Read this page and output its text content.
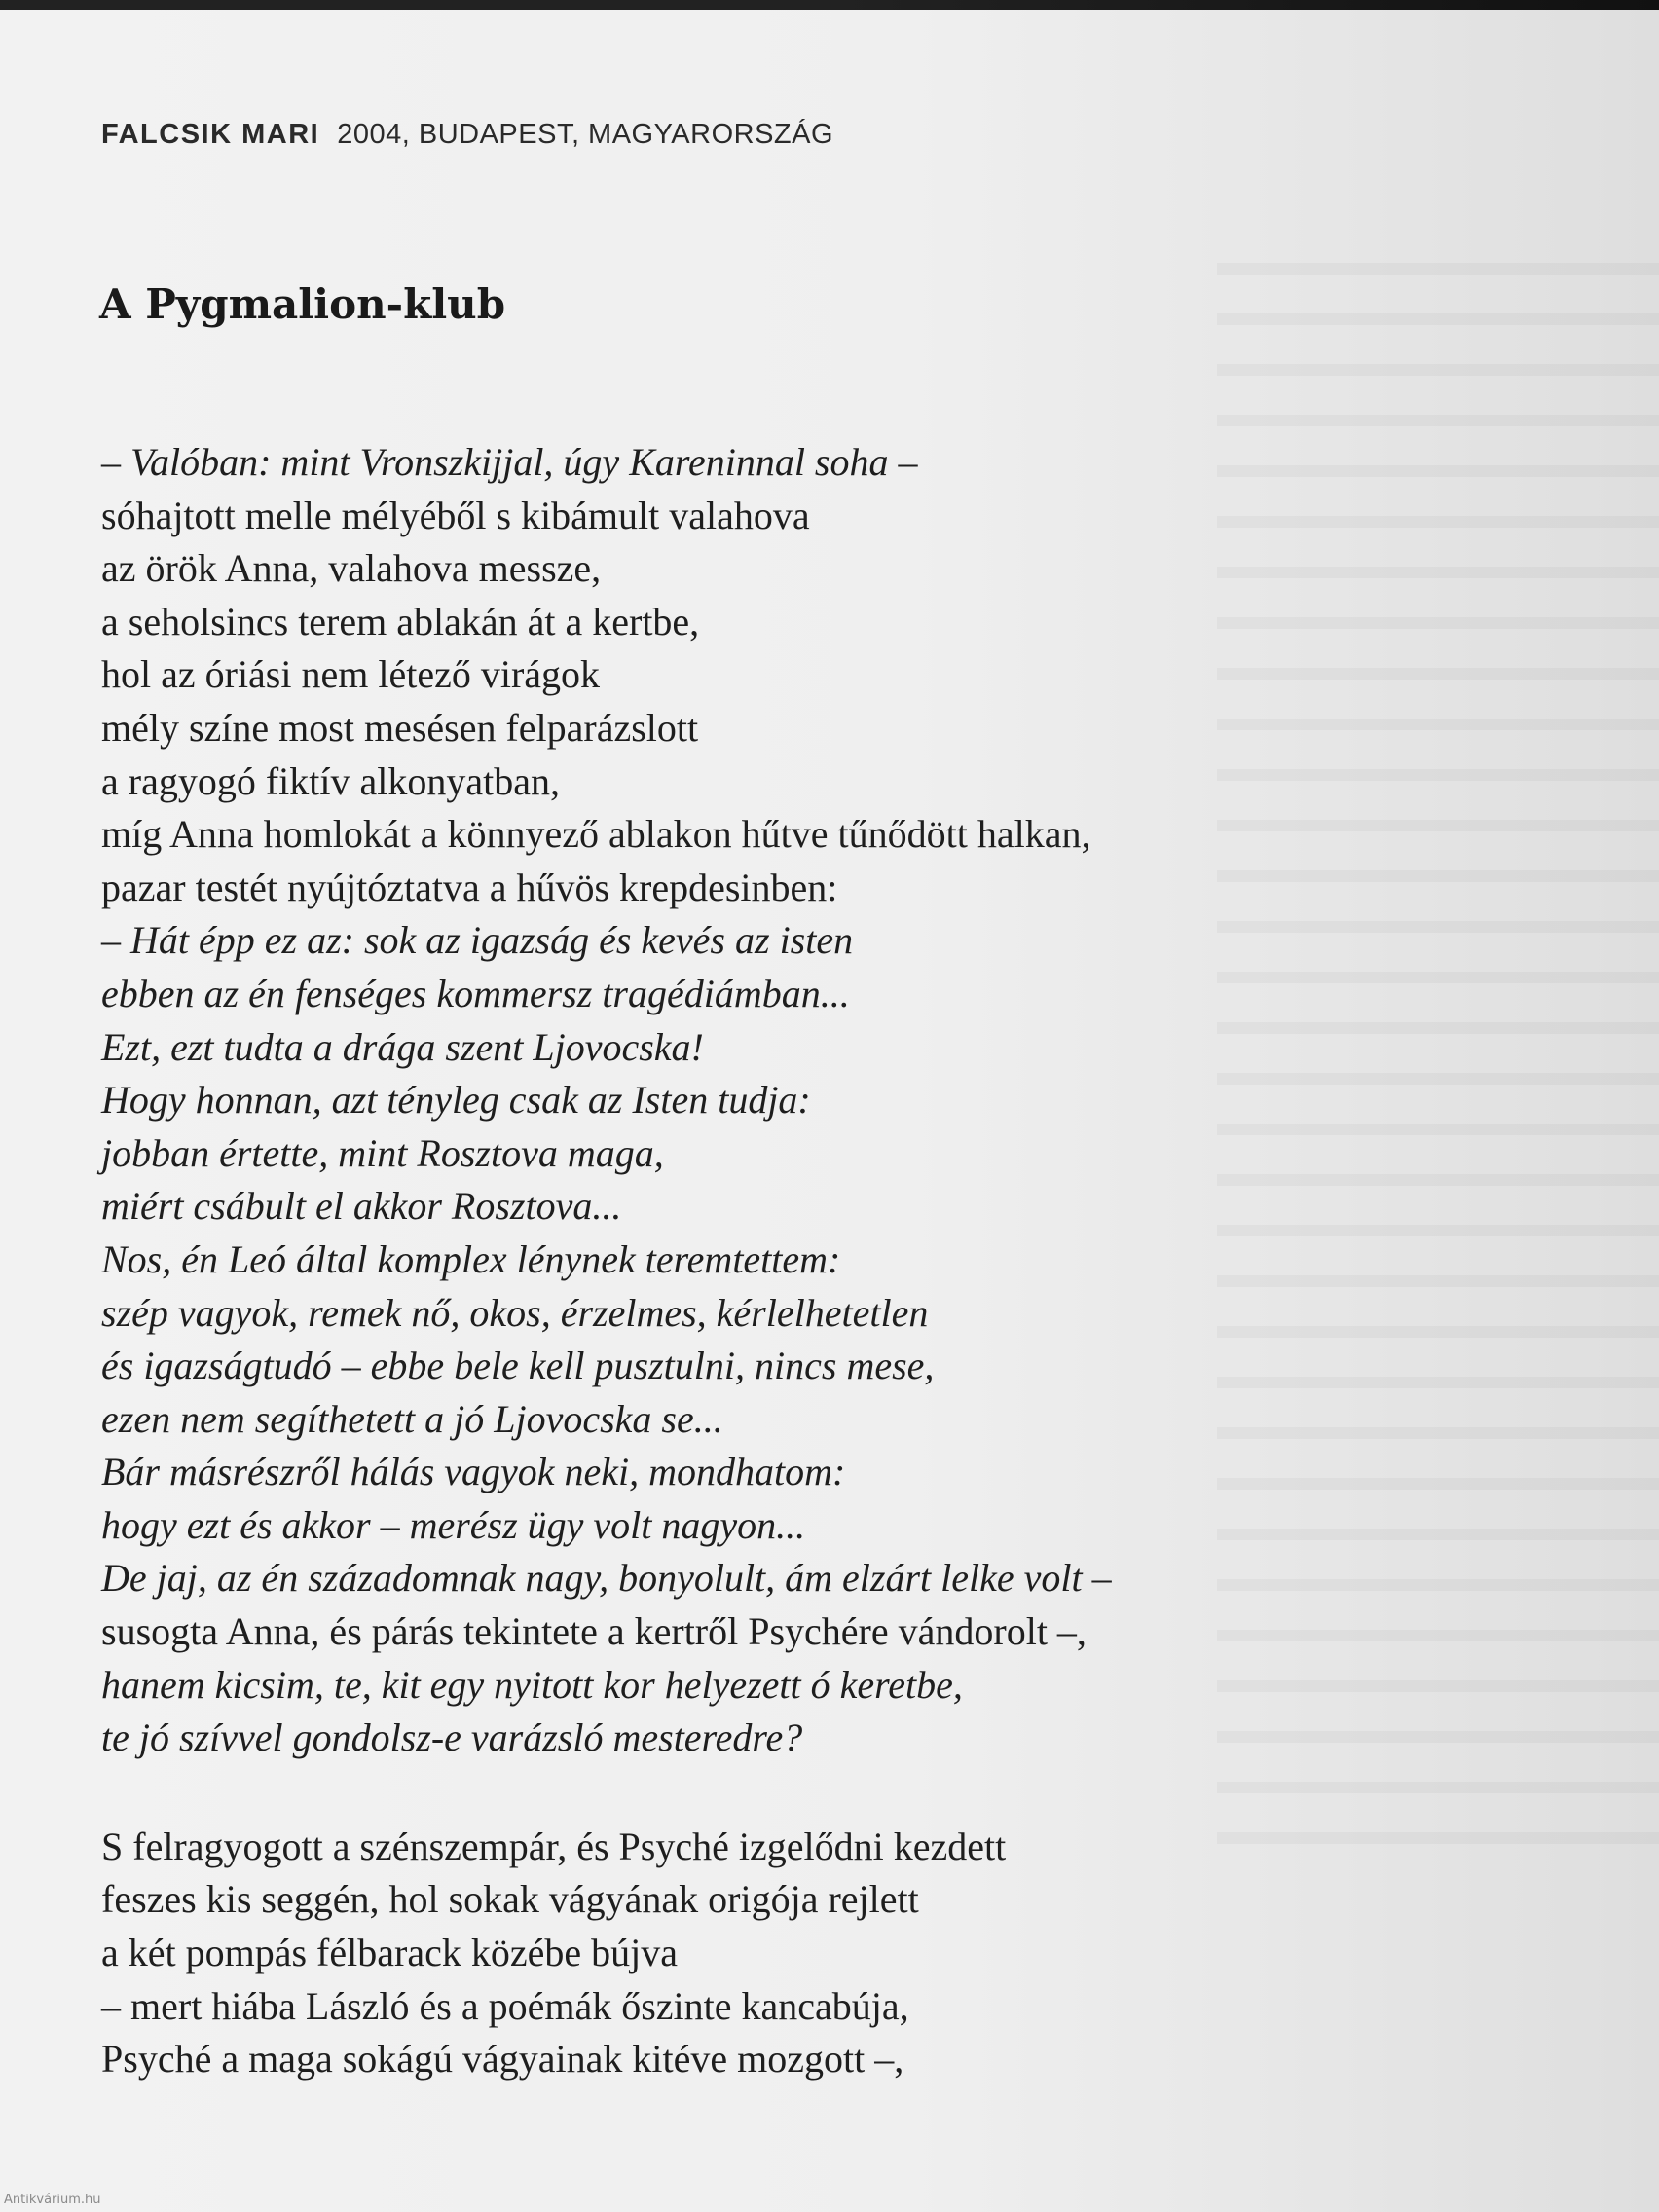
FALCSIK MARI 2004, BUDAPEST, MAGYARORSZÁG
A Pygmalion-klub
– Valóban: mint Vronszkijjal, úgy Kareninnal soha –
sóhajtott melle mélyéből s kibámult valahova
az örök Anna, valahova messze,
a seholsincs terem ablakán át a kertbe,
hol az óriási nem létező virágok
mély színe most mesésen felparázslott
a ragyogó fiktív alkonyatban,
míg Anna homlokát a könnyező ablakon hűtve tűnődött halkan,
pazar testét nyújtóztatva a hűvös krepdesinben:
– Hát épp ez az: sok az igazság és kevés az isten
ebben az én fenséges kommersz tragédiámban...
Ezt, ezt tudta a drága szent Ljovocska!
Hogy honnan, azt tényleg csak az Isten tudja:
jobban értette, mint Rosztova maga,
miért csábult el akkor Rosztova...
Nos, én Leó által komplex lénynek teremtettem:
szép vagyok, remek nő, okos, érzelmes, kérlelhetetlen
és igazságtudó – ebbe bele kell pusztulni, nincs mese,
ezen nem segíthetett a jó Ljovocska se...
Bár másrészről hálás vagyok neki, mondhatom:
hogy ezt és akkor – merész ügy volt nagyon...
De jaj, az én századomnak nagy, bonyolult, ám elzárt lelke volt –
susogta Anna, és párás tekintete a kertről Psychére vándorolt –,
hanem kicsim, te, kit egy nyitott kor helyezett ó keretbe,
te jó szívvel gondolsz-e varázsló mesteredre?
S felragyogott a szénszempár, és Psyché izgelődni kezdett
feszes kis seggén, hol sokak vágyának origója rejlett
a két pompás félbarack közébe bújva
– mert hiába László és a poémák őszinte kancabúja,
Psyché a maga sokágú vágyainak kitéve mozgott –,
Antikvárium.hu
